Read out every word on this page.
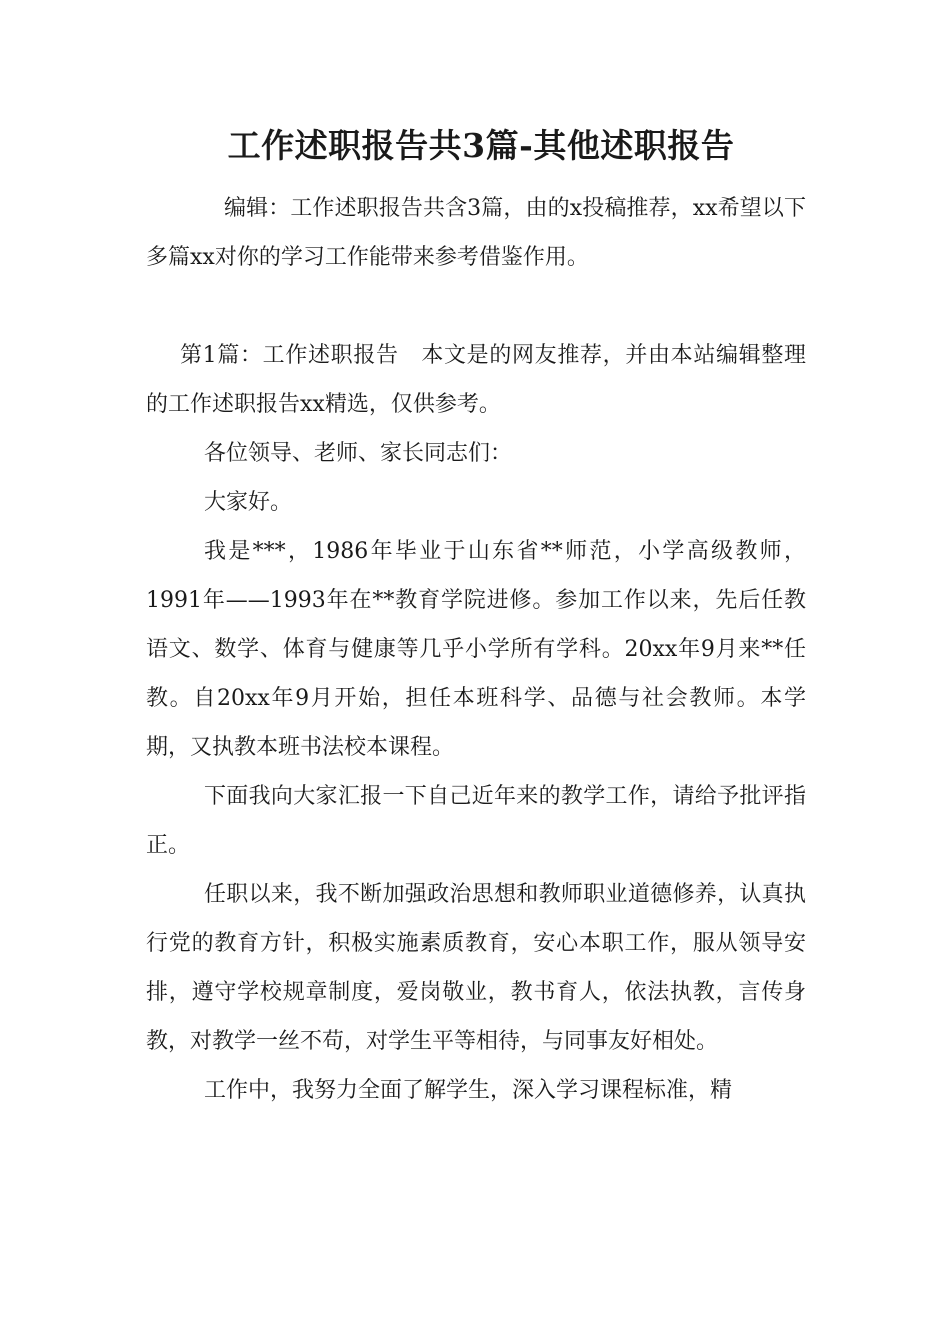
工作述职报告共3篇-其他述职报告

编辑：工作述职报告共含3篇，由的x投稿推荐，xx希望以下多篇xx对你的学习工作能带来参考借鉴作用。

第1篇：工作述职报告　本文是的网友推荐，并由本站编辑整理的工作述职报告xx精选，仅供参考。

各位领导、老师、家长同志们：

大家好。

我是***，1986年毕业于山东省**师范，小学高级教师，1991年——1993年在**教育学院进修。参加工作以来，先后任教语文、数学、体育与健康等几乎小学所有学科。20xx年9月来**任教。自20xx年9月开始，担任本班科学、品德与社会教师。本学期，又执教本班书法校本课程。

下面我向大家汇报一下自己近年来的教学工作，请给予批评指正。

任职以来，我不断加强政治思想和教师职业道德修养，认真执行党的教育方针，积极实施素质教育，安心本职工作，服从领导安排，遵守学校规章制度，爱岗敬业，教书育人，依法执教，言传身教，对教学一丝不苟，对学生平等相待，与同事友好相处。

工作中，我努力全面了解学生，深入学习课程标准，精
